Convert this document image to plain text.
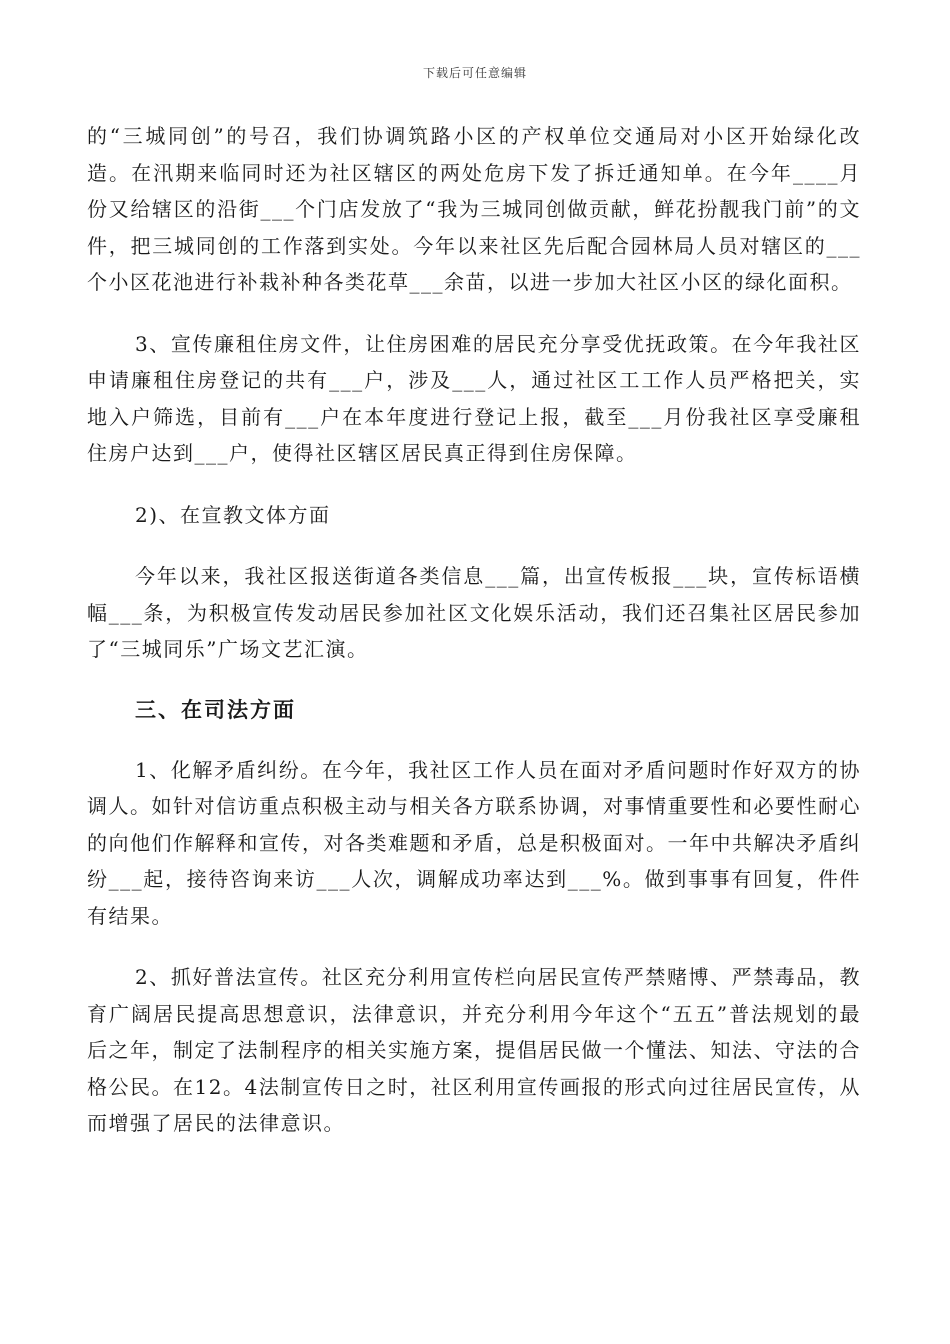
下载后可任意编辑

的“三城同创”的号召，我们协调筑路小区的产权单位交通局对小区开始绿化改造。在汛期来临同时还为社区辖区的两处危房下发了拆迁通知单。在今年____月份又给辖区的沿街___个门店发放了“我为三城同创做贡献，鲜花扮靓我门前”的文件，把三城同创的工作落到实处。今年以来社区先后配合园林局人员对辖区的___个小区花池进行补栽补种各类花草___余苗，以进一步加大社区小区的绿化面积。

3、宣传廉租住房文件，让住房困难的居民充分享受优抚政策。在今年我社区申请廉租住房登记的共有___户，涉及___人，通过社区工工作人员严格把关，实地入户筛选，目前有___户在本年度进行登记上报，截至___月份我社区享受廉租住房户达到___户，使得社区辖区居民真正得到住房保障。

2)、在宣教文体方面

今年以来，我社区报送街道各类信息___篇，出宣传板报___块，宣传标语横幅___条，为积极宣传发动居民参加社区文化娱乐活动，我们还召集社区居民参加了“三城同乐”广场文艺汇演。

三、在司法方面

1、化解矛盾纠纷。在今年，我社区工作人员在面对矛盾问题时作好双方的协调人。如针对信访重点积极主动与相关各方联系协调，对事情重要性和必要性耐心的向他们作解释和宣传，对各类难题和矛盾，总是积极面对。一年中共解决矛盾纠纷___起，接待咨询来访___人次，调解成功率达到___%。做到事事有回复，件件有结果。

2、抓好普法宣传。社区充分利用宣传栏向居民宣传严禁赌博、严禁毒品，教育广阔居民提高思想意识，法律意识，并充分利用今年这个“五五”普法规划的最后之年，制定了法制程序的相关实施方案，提倡居民做一个懂法、知法、守法的合格公民。在12。4法制宣传日之时，社区利用宣传画报的形式向过往居民宣传，从而增强了居民的法律意识。
